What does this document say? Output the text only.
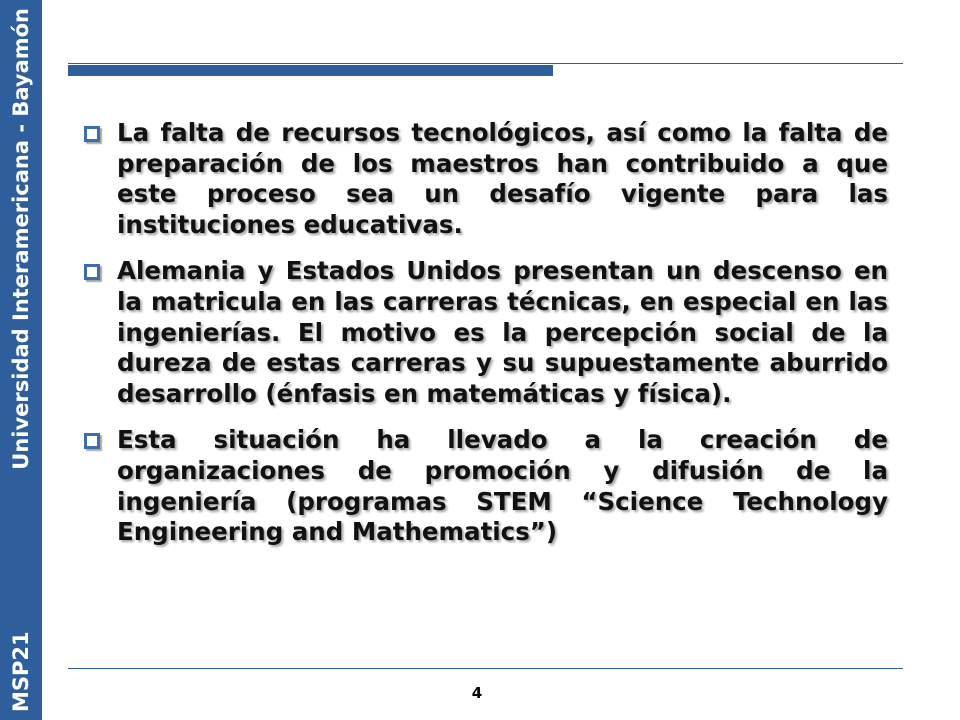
MSP21
Universidad Interamericana - Bayamón	La falta de recursos tecnológicos, así como la falta de preparación de los maestros han contribuido a que este proceso sea un desafío vigente para las instituciones educativas.
Alemania y Estados Unidos presentan un descenso en la matricula en las carreras técnicas, en especial en las ingenierías. El motivo es la percepción social de la dureza de estas carreras y su supuestamente aburrido desarrollo (énfasis en matemáticas y física).
Esta situación ha llevado a la creación de organizaciones de promoción y difusión de la ingeniería (programas STEM “Science Technology Engineering and Mathematics”)
4
